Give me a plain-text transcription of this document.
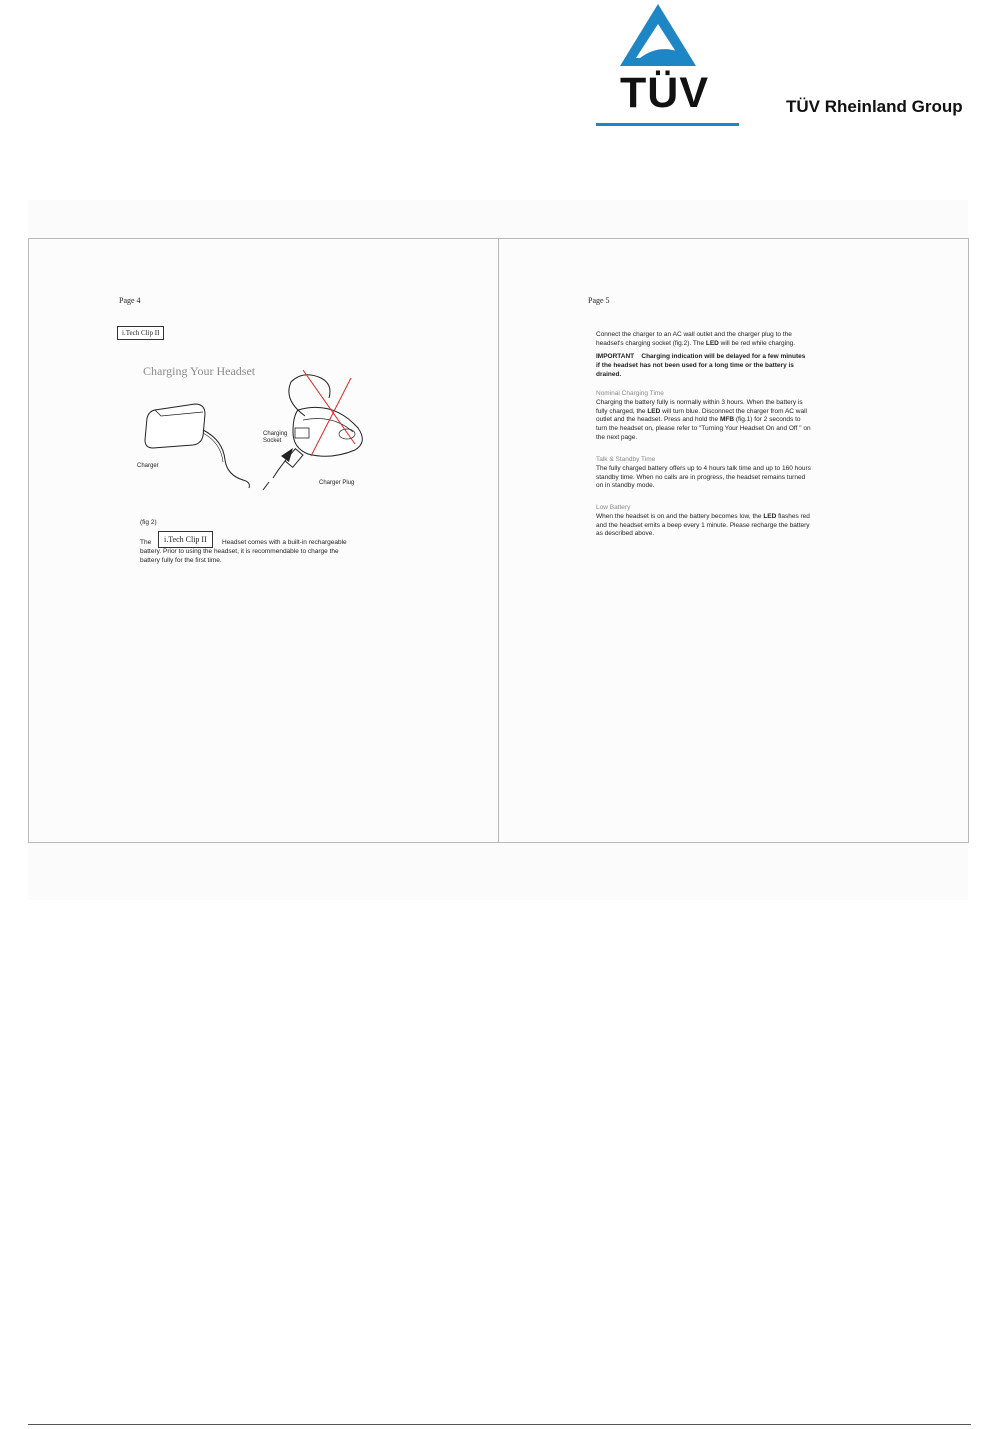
TÜV	TÜV Rheinland Group
Page 4
i.Tech Clip II
Charging Your Headset
Charger
Charging
Socket
Charger Plug
(fig 2)
The	i.Tech Clip II	Headset comes with a built-in rechargeable
battery. Prior to using the headset, it is recommendable to charge the
battery fully for the first time.
Page 5
Connect the charger to an AC wall outlet and the charger plug to the
headset's charging socket (fig.2). The LED will be red while charging.
IMPORTANT Charging indication will be delayed for a few minutes
if the headset has not been used for a long time or the battery is
drained.
Nominal Charging Time
Charging the battery fully is normally within 3 hours. When the battery is
fully charged, the LED will turn blue. Disconnect the charger from AC wall
outlet and the headset. Press and hold the MFB (fig.1) for 2 seconds to
turn the headset on, please refer to "Turning Your Headset On and Off " on
the next page.
Talk & Standby Time
The fully charged battery offers up to 4 hours talk time and up to 160 hours
standby time. When no calls are in progress, the headset remains turned
on in standby mode.
Low Battery
When the headset is on and the battery becomes low, the LED flashes red
and the headset emits a beep every 1 minute. Please recharge the battery
as described above.
